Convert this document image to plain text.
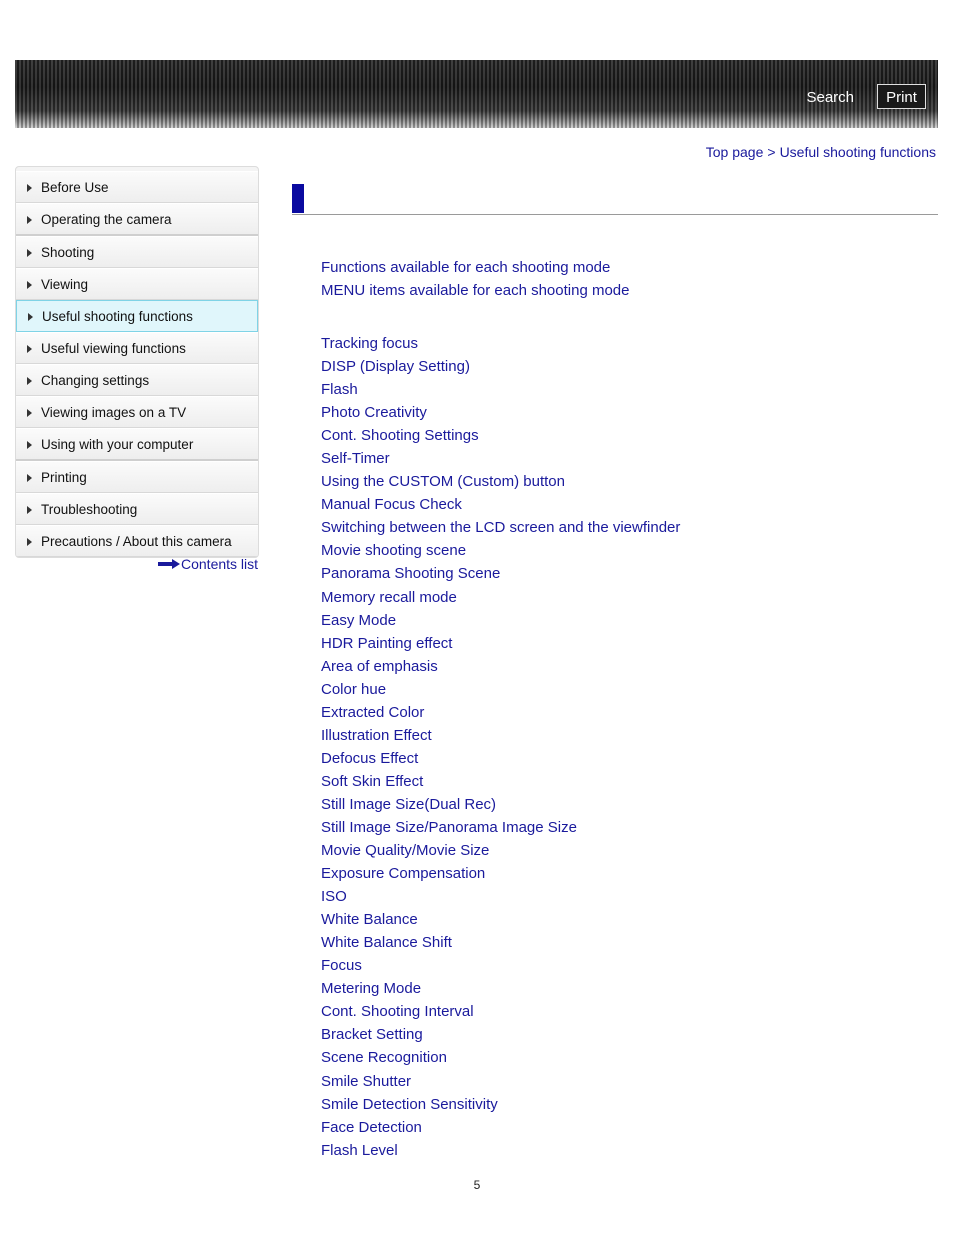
Search	Print
Top page > Useful shooting functions
Before Use
Operating the camera
Shooting
Viewing
Useful shooting functions
Useful viewing functions
Changing settings
Viewing images on a TV
Using with your computer
Printing
Troubleshooting
Precautions / About this camera
Contents list
Functions available for each shooting mode
MENU items available for each shooting mode
Tracking focus
DISP (Display Setting)
Flash
Photo Creativity
Cont. Shooting Settings
Self-Timer
Using the CUSTOM (Custom) button
Manual Focus Check
Switching between the LCD screen and the viewfinder
Movie shooting scene
Panorama Shooting Scene
Memory recall mode
Easy Mode
HDR Painting effect
Area of emphasis
Color hue
Extracted Color
Illustration Effect
Defocus Effect
Soft Skin Effect
Still Image Size(Dual Rec)
Still Image Size/Panorama Image Size
Movie Quality/Movie Size
Exposure Compensation
ISO
White Balance
White Balance Shift
Focus
Metering Mode
Cont. Shooting Interval
Bracket Setting
Scene Recognition
Smile Shutter
Smile Detection Sensitivity
Face Detection
Flash Level
5
